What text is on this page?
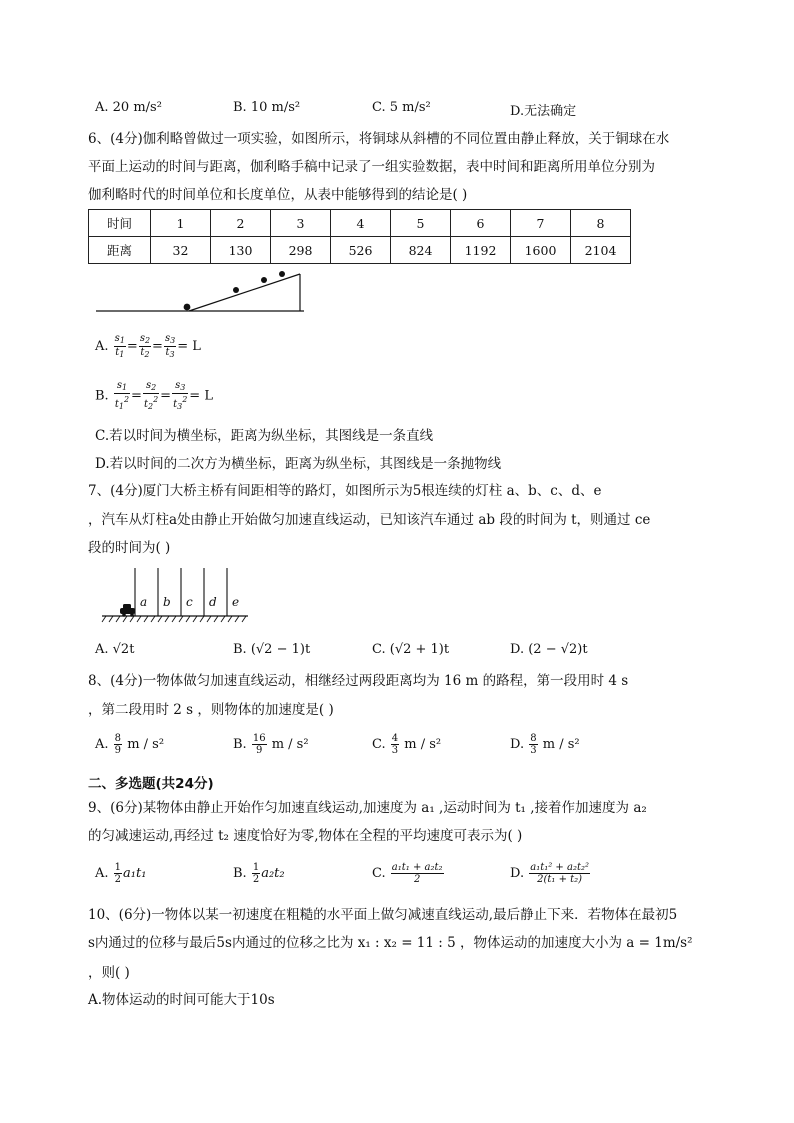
A. 20 m/s²	B. 10 m/s²	C. 5 m/s²	D.无法确定
6、(4分)伽利略曾做过一项实验，如图所示，将铜球从斜槽的不同位置由静止释放，关于铜球在水
平面上运动的时间与距离，伽利略手稿中记录了一组实验数据，表中时间和距离所用单位分别为
伽利略时代的时间单位和长度单位，从表中能够得到的结论是( )
时间	1	2	3	4	5	6	7	8
距离	32	130	298	526	824	1192	1600	2104
A. $\frac{s_1}{t_1} = \frac{s_2}{t_2} = \frac{s_3}{t_3} = L$
B. $\frac{s_1}{t_1^2} = \frac{s_2}{t_2^2} = \frac{s_3}{t_3^2} = L$
C.若以时间为横坐标，距离为纵坐标，其图线是一条直线
D.若以时间的二次方为横坐标，距离为纵坐标，其图线是一条抛物线
7、(4分)厦门大桥主桥有间距相等的路灯，如图所示为5根连续的灯柱 a、b、c、d、e
，汽车从灯柱a处由静止开始做匀加速直线运动，已知该汽车通过 ab 段的时间为 t，则通过 ce
段的时间为( )
a b c d e
A. √2t	B. (√2 − 1)t	C. (√2 + 1)t	D. (2 − √2)t
8、(4分)一物体做匀加速直线运动，相继经过两段距离均为 16 m 的路程，第一段用时 4 s
，第二段用时 2 s ，则物体的加速度是( )
A. $\frac{8}{9}$ m / s²	B. $\frac{16}{9}$ m / s²	C. $\frac{4}{3}$ m / s²	D. $\frac{8}{3}$ m / s²
二、多选题(共24分)
9、(6分)某物体由静止开始作匀加速直线运动,加速度为 a₁ ,运动时间为 t₁ ,接着作加速度为 a₂
的匀减速运动,再经过 t₂ 速度恰好为零,物体在全程的平均速度可表示为( )
A. $\frac{1}{2} a_1t_1$	B. $\frac{1}{2} a_2t_2$	C. $\frac{\text{a₁t₁ + a₂t₂}}{2}$	D. $\frac{\text{a₁t₁² + a₂t₂²}}{\text{2(t₁ + t₂)}}$
10、(6分)一物体以某一初速度在粗糙的水平面上做匀减速直线运动,最后静止下来．若物体在最初5
s内通过的位移与最后5s内通过的位移之比为 x₁ : x₂ = 11 : 5 ，物体运动的加速度大小为 a = 1m/s²
，则( )
A.物体运动的时间可能大于10s
